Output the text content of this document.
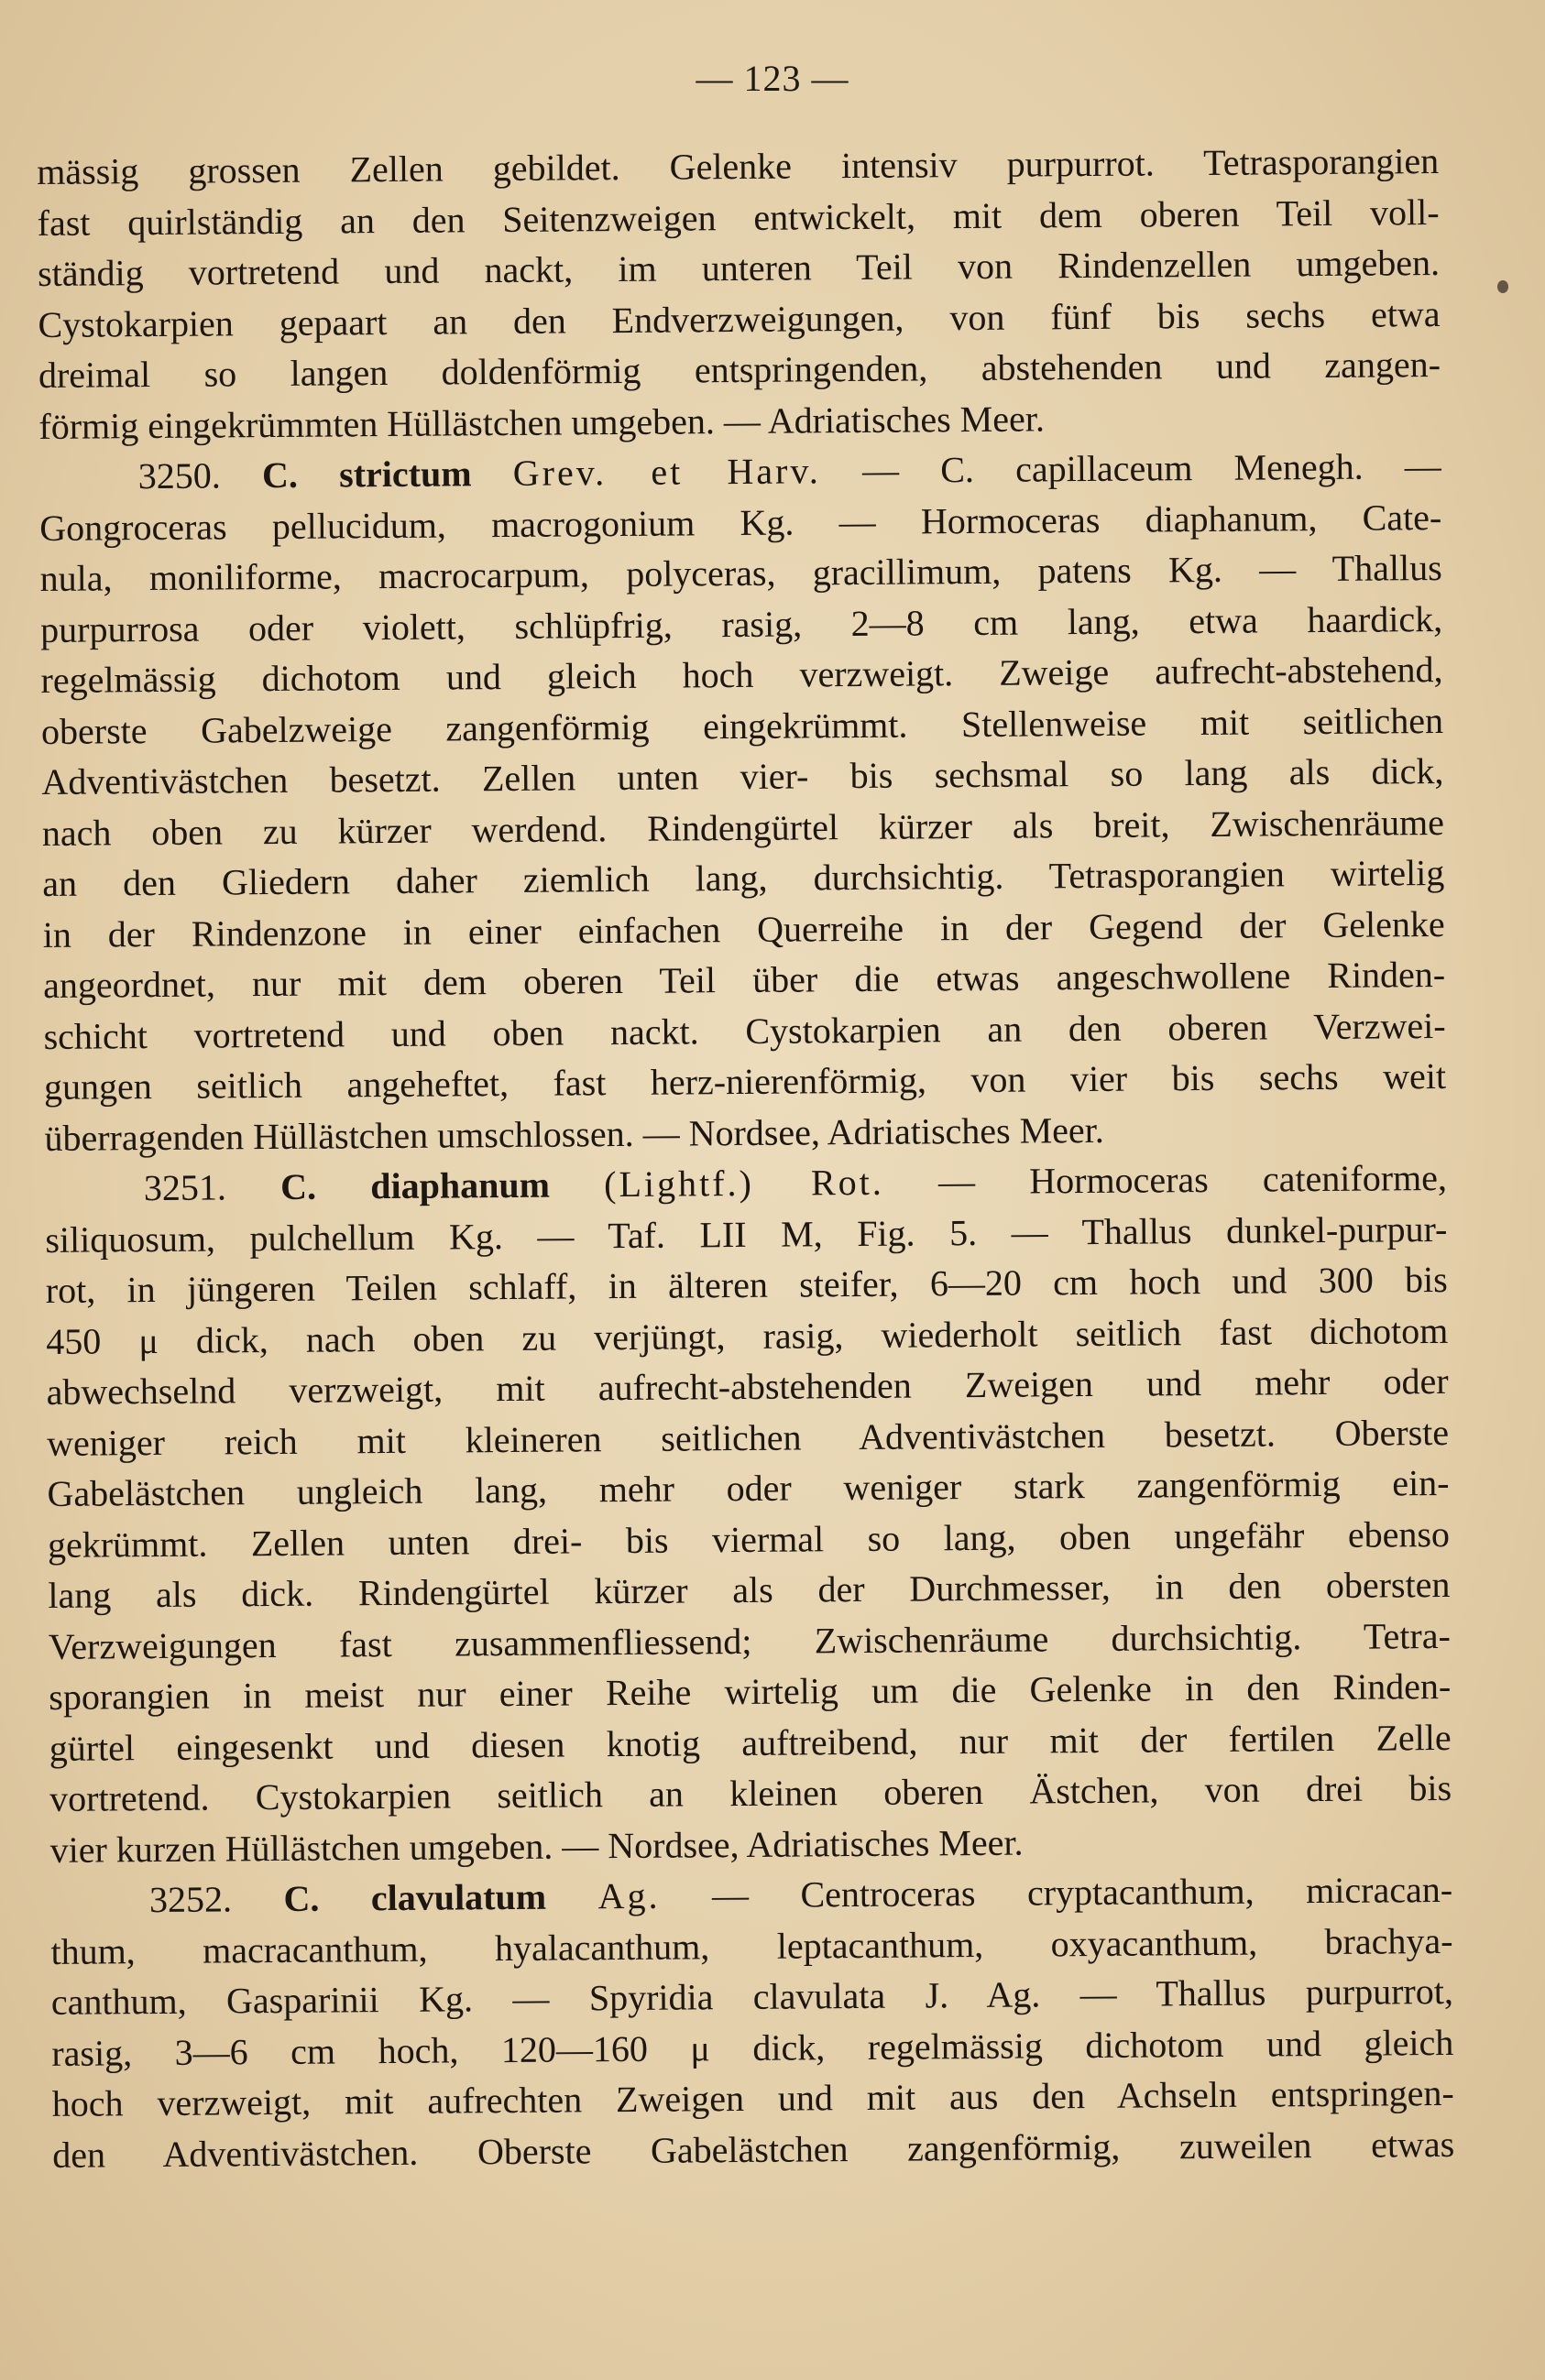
— 123 —
mässig grossen Zellen gebildet. Gelenke intensiv purpurrot. Tetrasporangien
fast quirlständig an den Seitenzweigen entwickelt, mit dem oberen Teil voll-
ständig vortretend und nackt, im unteren Teil von Rindenzellen umgeben.
Cystokarpien gepaart an den Endverzweigungen, von fünf bis sechs etwa
dreimal so langen doldenförmig entspringenden, abstehenden und zangen-
förmig eingekrümmten Hüllästchen umgeben. — Adriatisches Meer.
3250. C. strictum Grev. et Harv. — C. capillaceum Menegh. —
Gongroceras pellucidum, macrogonium Kg. — Hormoceras diaphanum, Cate-
nula, moniliforme, macrocarpum, polyceras, gracillimum, patens Kg. — Thallus
purpurrosa oder violett, schlüpfrig, rasig, 2—8 cm lang, etwa haardick,
regelmässig dichotom und gleich hoch verzweigt. Zweige aufrecht-abstehend,
oberste Gabelzweige zangenförmig eingekrümmt. Stellenweise mit seitlichen
Adventivästchen besetzt. Zellen unten vier- bis sechsmal so lang als dick,
nach oben zu kürzer werdend. Rindengürtel kürzer als breit, Zwischenräume
an den Gliedern daher ziemlich lang, durchsichtig. Tetrasporangien wirtelig
in der Rindenzone in einer einfachen Querreihe in der Gegend der Gelenke
angeordnet, nur mit dem oberen Teil über die etwas angeschwollene Rinden-
schicht vortretend und oben nackt. Cystokarpien an den oberen Verzwei-
gungen seitlich angeheftet, fast herz-nierenförmig, von vier bis sechs weit
überragenden Hüllästchen umschlossen. — Nordsee, Adriatisches Meer.
3251. C. diaphanum (Lightf.) Rot. — Hormoceras cateniforme,
siliquosum, pulchellum Kg. — Taf. LII M, Fig. 5. — Thallus dunkel-purpur-
rot, in jüngeren Teilen schlaff, in älteren steifer, 6—20 cm hoch und 300 bis
450 μ dick, nach oben zu verjüngt, rasig, wiederholt seitlich fast dichotom
abwechselnd verzweigt, mit aufrecht-abstehenden Zweigen und mehr oder
weniger reich mit kleineren seitlichen Adventivästchen besetzt. Oberste
Gabelästchen ungleich lang, mehr oder weniger stark zangenförmig ein-
gekrümmt. Zellen unten drei- bis viermal so lang, oben ungefähr ebenso
lang als dick. Rindengürtel kürzer als der Durchmesser, in den obersten
Verzweigungen fast zusammenfliessend; Zwischenräume durchsichtig. Tetra-
sporangien in meist nur einer Reihe wirtelig um die Gelenke in den Rinden-
gürtel eingesenkt und diesen knotig auftreibend, nur mit der fertilen Zelle
vortretend. Cystokarpien seitlich an kleinen oberen Ästchen, von drei bis
vier kurzen Hüllästchen umgeben. — Nordsee, Adriatisches Meer.
3252. C. clavulatum Ag. — Centroceras cryptacanthum, micracan-
thum, macracanthum, hyalacanthum, leptacanthum, oxyacanthum, brachya-
canthum, Gasparinii Kg. — Spyridia clavulata J. Ag. — Thallus purpurrot,
rasig, 3—6 cm hoch, 120—160 μ dick, regelmässig dichotom und gleich
hoch verzweigt, mit aufrechten Zweigen und mit aus den Achseln entspringen-
den Adventivästchen. Oberste Gabelästchen zangenförmig, zuweilen etwas
